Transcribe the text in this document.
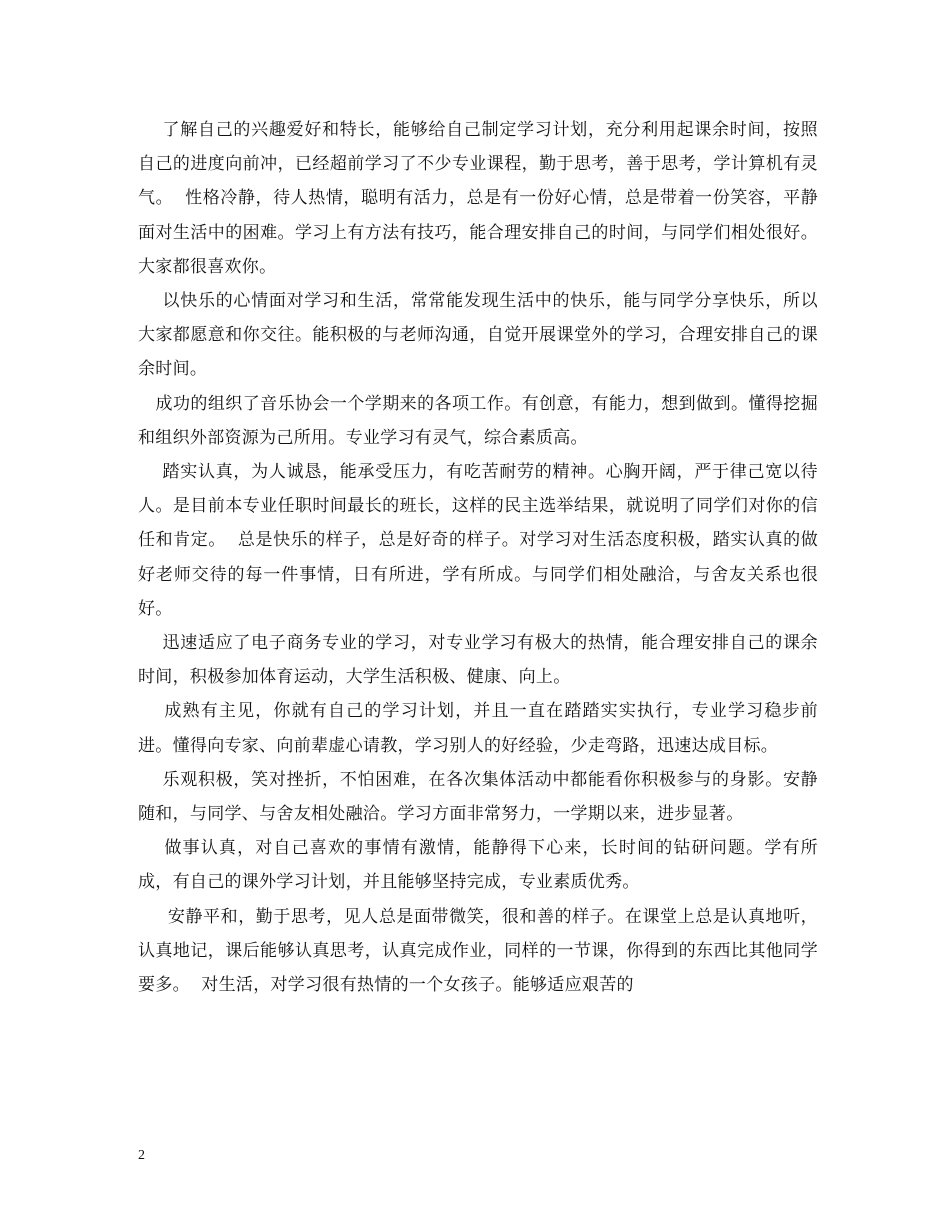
了解自己的兴趣爱好和特长，能够给自己制定学习计划，充分利用起课余时间，按照自己的进度向前冲，已经超前学习了不少专业课程，勤于思考，善于思考，学计算机有灵气。  性格冷静，待人热情，聪明有活力，总是有一份好心情，总是带着一份笑容，平静面对生活中的困难。学习上有方法有技巧，能合理安排自己的时间，与同学们相处很好。大家都很喜欢你。

以快乐的心情面对学习和生活，常常能发现生活中的快乐，能与同学分享快乐，所以大家都愿意和你交往。能积极的与老师沟通，自觉开展课堂外的学习，合理安排自己的课余时间。

成功的组织了音乐协会一个学期来的各项工作。有创意，有能力，想到做到。懂得挖掘和组织外部资源为己所用。专业学习有灵气，综合素质高。

踏实认真，为人诚恳，能承受压力，有吃苦耐劳的精神。心胸开阔，严于律己宽以待人。是目前本专业任职时间最长的班长，这样的民主选举结果，就说明了同学们对你的信任和肯定。  总是快乐的样子，总是好奇的样子。对学习对生活态度积极，踏实认真的做好老师交待的每一件事情，日有所进，学有所成。与同学们相处融洽，与舍友关系也很好。

迅速适应了电子商务专业的学习，对专业学习有极大的热情，能合理安排自己的课余时间，积极参加体育运动，大学生活积极、健康、向上。

成熟有主见，你就有自己的学习计划，并且一直在踏踏实实执行，专业学习稳步前进。懂得向专家、向前辈虚心请教，学习别人的好经验，少走弯路，迅速达成目标。

乐观积极，笑对挫折，不怕困难，在各次集体活动中都能看你积极参与的身影。安静随和，与同学、与舍友相处融洽。学习方面非常努力，一学期以来，进步显著。

做事认真，对自己喜欢的事情有激情，能静得下心来，长时间的钻研问题。学有所成，有自己的课外学习计划，并且能够坚持完成，专业素质优秀。

安静平和，勤于思考，见人总是面带微笑，很和善的样子。在课堂上总是认真地听，认真地记，课后能够认真思考，认真完成作业，同样的一节课，你得到的东西比其他同学要多。  对生活，对学习很有热情的一个女孩子。能够适应艰苦的

2
